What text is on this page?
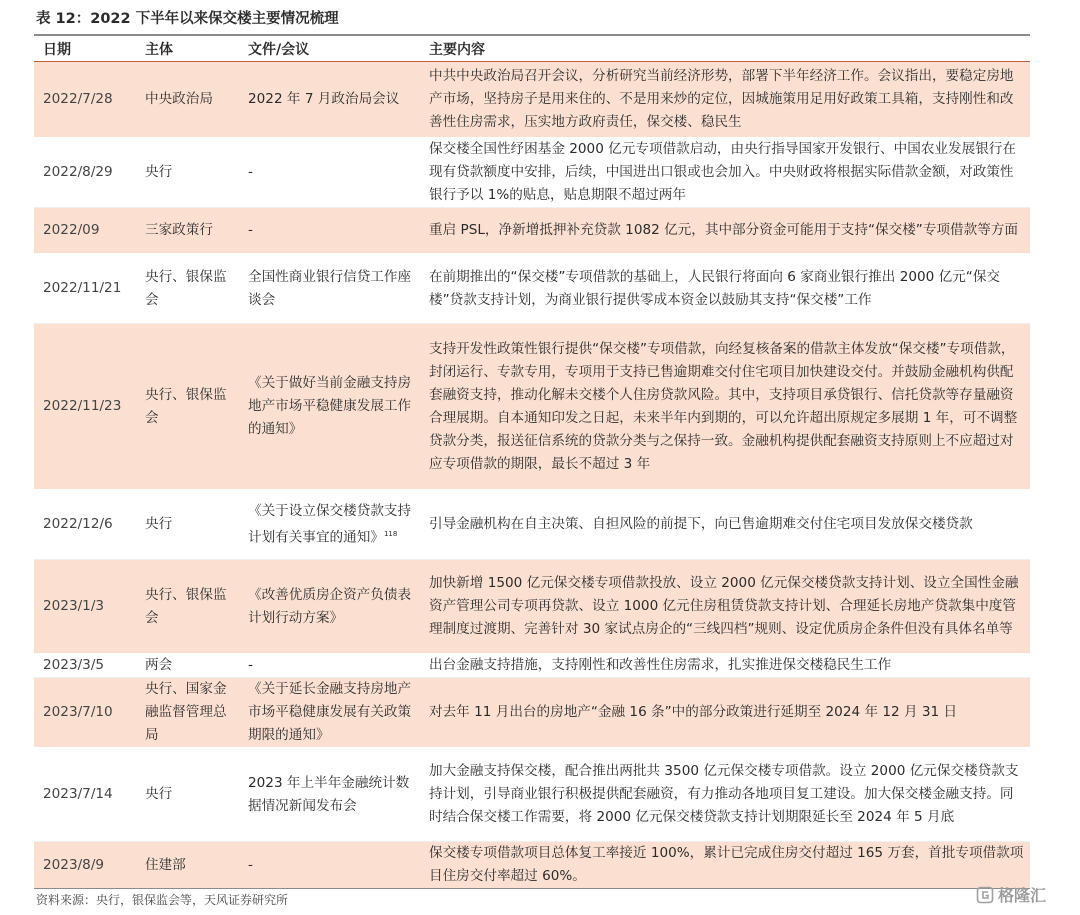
表 12：2022 下半年以来保交楼主要情况梳理
日期	主体	文件/会议	主要内容
2022/7/28	中央政治局	2022 年 7 月政治局会议	中共中央政治局召开会议，分析研究当前经济形势，部署下半年经济工作。会议指出，要稳定房地产市场，坚持房子是用来住的、不是用来炒的定位，因城施策用足用好政策工具箱，支持刚性和改善性住房需求，压实地方政府责任，保交楼、稳民生
2022/8/29	央行	-	保交楼全国性纾困基金 2000 亿元专项借款启动，由央行指导国家开发银行、中国农业发展银行在现有贷款额度中安排，后续，中国进出口银或也会加入。中央财政将根据实际借款金额，对政策性银行予以 1%的贴息，贴息期限不超过两年
2022/09	三家政策行	-	重启 PSL，净新增抵押补充贷款 1082 亿元，其中部分资金可能用于支持“保交楼”专项借款等方面
2022/11/21	央行、银保监会	全国性商业银行信贷工作座谈会	在前期推出的“保交楼”专项借款的基础上，人民银行将面向 6 家商业银行推出 2000 亿元“保交楼”贷款支持计划，为商业银行提供零成本资金以鼓励其支持“保交楼”工作
2022/11/23	央行、银保监会	《关于做好当前金融支持房地产市场平稳健康发展工作的通知》	支持开发性政策性银行提供“保交楼”专项借款，向经复核备案的借款主体发放“保交楼”专项借款，封闭运行、专款专用，专项用于支持已售逾期难交付住宅项目加快建设交付。并鼓励金融机构供配套融资支持，推动化解未交楼个人住房贷款风险。其中，支持项目承贷银行、信托贷款等存量融资合理展期。自本通知印发之日起，未来半年内到期的，可以允许超出原规定多展期 1 年，可不调整贷款分类，报送征信系统的贷款分类与之保持一致。金融机构提供配套融资支持原则上不应超过对应专项借款的期限，最长不超过 3 年
2022/12/6	央行	《关于设立保交楼贷款支持计划有关事宜的通知》$^{118}$	引导金融机构在自主决策、自担风险的前提下，向已售逾期难交付住宅项目发放保交楼贷款
2023/1/3	央行、银保监会	《改善优质房企资产负债表计划行动方案》	加快新增 1500 亿元保交楼专项借款投放、设立 2000 亿元保交楼贷款支持计划、设立全国性金融资产管理公司专项再贷款、设立 1000 亿元住房租赁贷款支持计划、合理延长房地产贷款集中度管理制度过渡期、完善针对 30 家试点房企的“三线四档”规则、设定优质房企条件但没有具体名单等
2023/3/5	两会	-	出台金融支持措施，支持刚性和改善性住房需求，扎实推进保交楼稳民生工作
2023/7/10	央行、国家金融监督管理总局	《关于延长金融支持房地产市场平稳健康发展有关政策期限的通知》	对去年 11 月出台的房地产“金融 16 条”中的部分政策进行延期至 2024 年 12 月 31 日
2023/7/14	央行	2023 年上半年金融统计数据情况新闻发布会	加大金融支持保交楼，配合推出两批共 3500 亿元保交楼专项借款。设立 2000 亿元保交楼贷款支持计划，引导商业银行积极提供配套融资，有力推动各地项目复工建设。加大保交楼金融支持。同时结合保交楼工作需要，将 2000 亿元保交楼贷款支持计划期限延长至 2024 年 5 月底
2023/8/9	住建部	-	保交楼专项借款项目总体复工率接近 100%，累计已完成住房交付超过 165 万套，首批专项借款项目住房交付率超过 60%。
资料来源：央行，银保监会等，天风证券研究所	格隆汇
